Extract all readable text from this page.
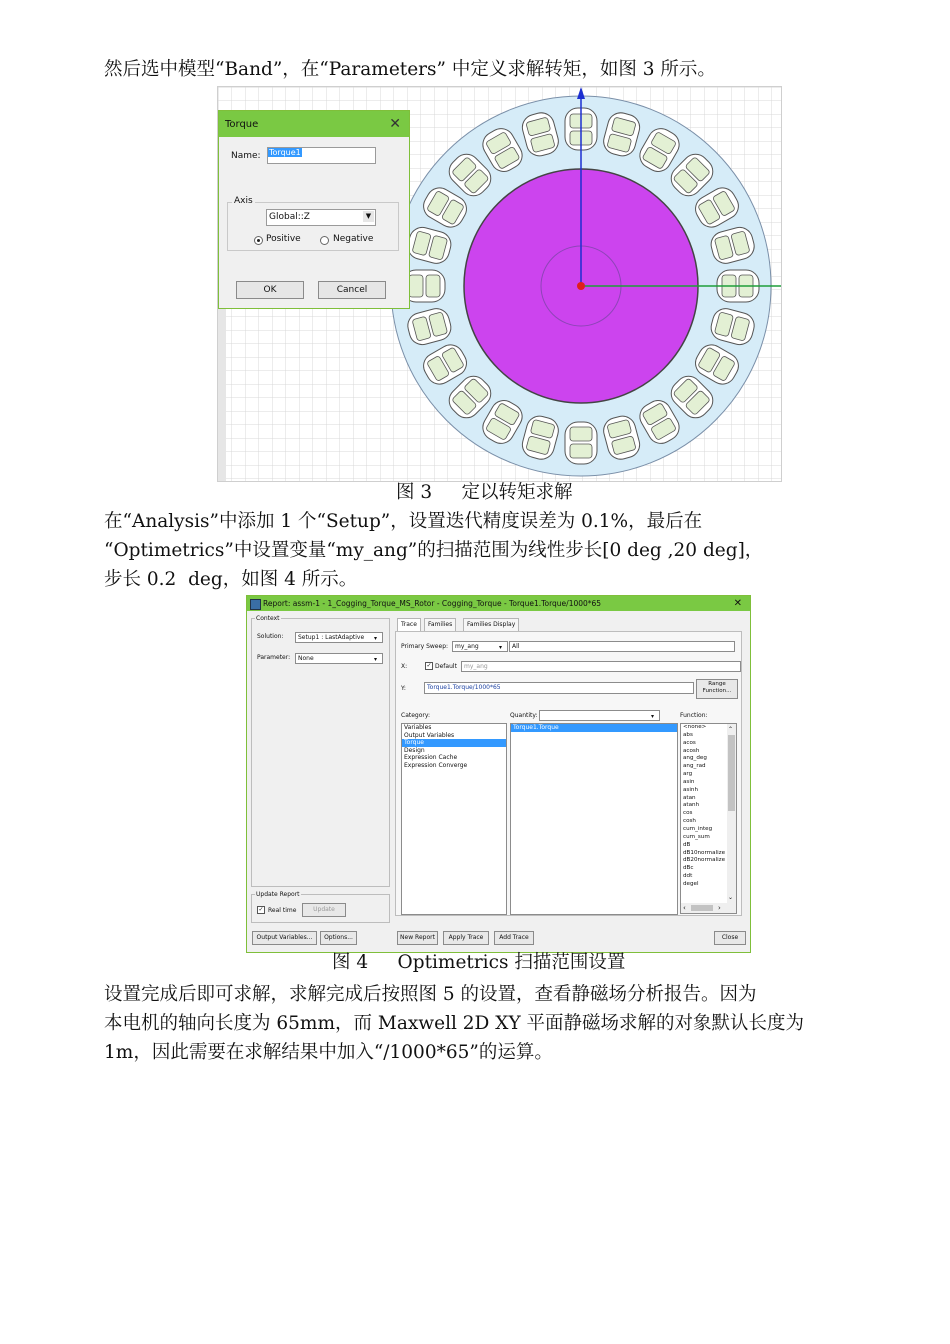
然后选中模型“Band”，在“Parameters” 中定义求解转矩，如图 3 所示。
Torque	✕
Name: Torque1
Axis
Global::Z	▼
Positive	Negative
OK	Cancel
图 3     定以转矩求解
在“Analysis”中添加 1 个“Setup”，设置迭代精度误差为 0.1%，最后在
“Optimetrics”中设置变量“my_ang”的扫描范围为线性步长[0 deg ,20 deg]，
步长 0.2  deg，如图 4 所示。
Report: assm-1 - 1_Cogging_Torque_MS_Rotor - Cogging_Torque - Torque1.Torque/1000*65	✕
Context
Solution:	Setup1 : LastAdaptive ▾
Parameter:	None	▾
Update Report
✓ Real time	Update
Trace	Families	Families Display
Primary Sweep:	my_ang	▾	All
X:	✓ Default	my_ang
Y:	Torque1.Torque/1000*65	Range Function...
Category:
Variables
Output Variables
Torque
Design
Expression Cache
Expression Converge
Quantity:	▾
Torque1.Torque
Function:
<none>
abs
acos
acosh
ang_deg
ang_rad
arg
asin
asinh
atan
atanh
cos
cosh
cum_integ
cum_sum
dB
dB10normalize
dB20normalize
dBc
ddt
degel
⌃
⌄
‹	›
Output Variables...	Options...	New Report	Apply Trace	Add Trace	Close
图 4     Optimetrics 扫描范围设置
设置完成后即可求解，求解完成后按照图 5 的设置，查看静磁场分析报告。因为
本电机的轴向长度为 65mm，而 Maxwell 2D XY 平面静磁场求解的对象默认长度为
1m，因此需要在求解结果中加入“/1000*65”的运算。
